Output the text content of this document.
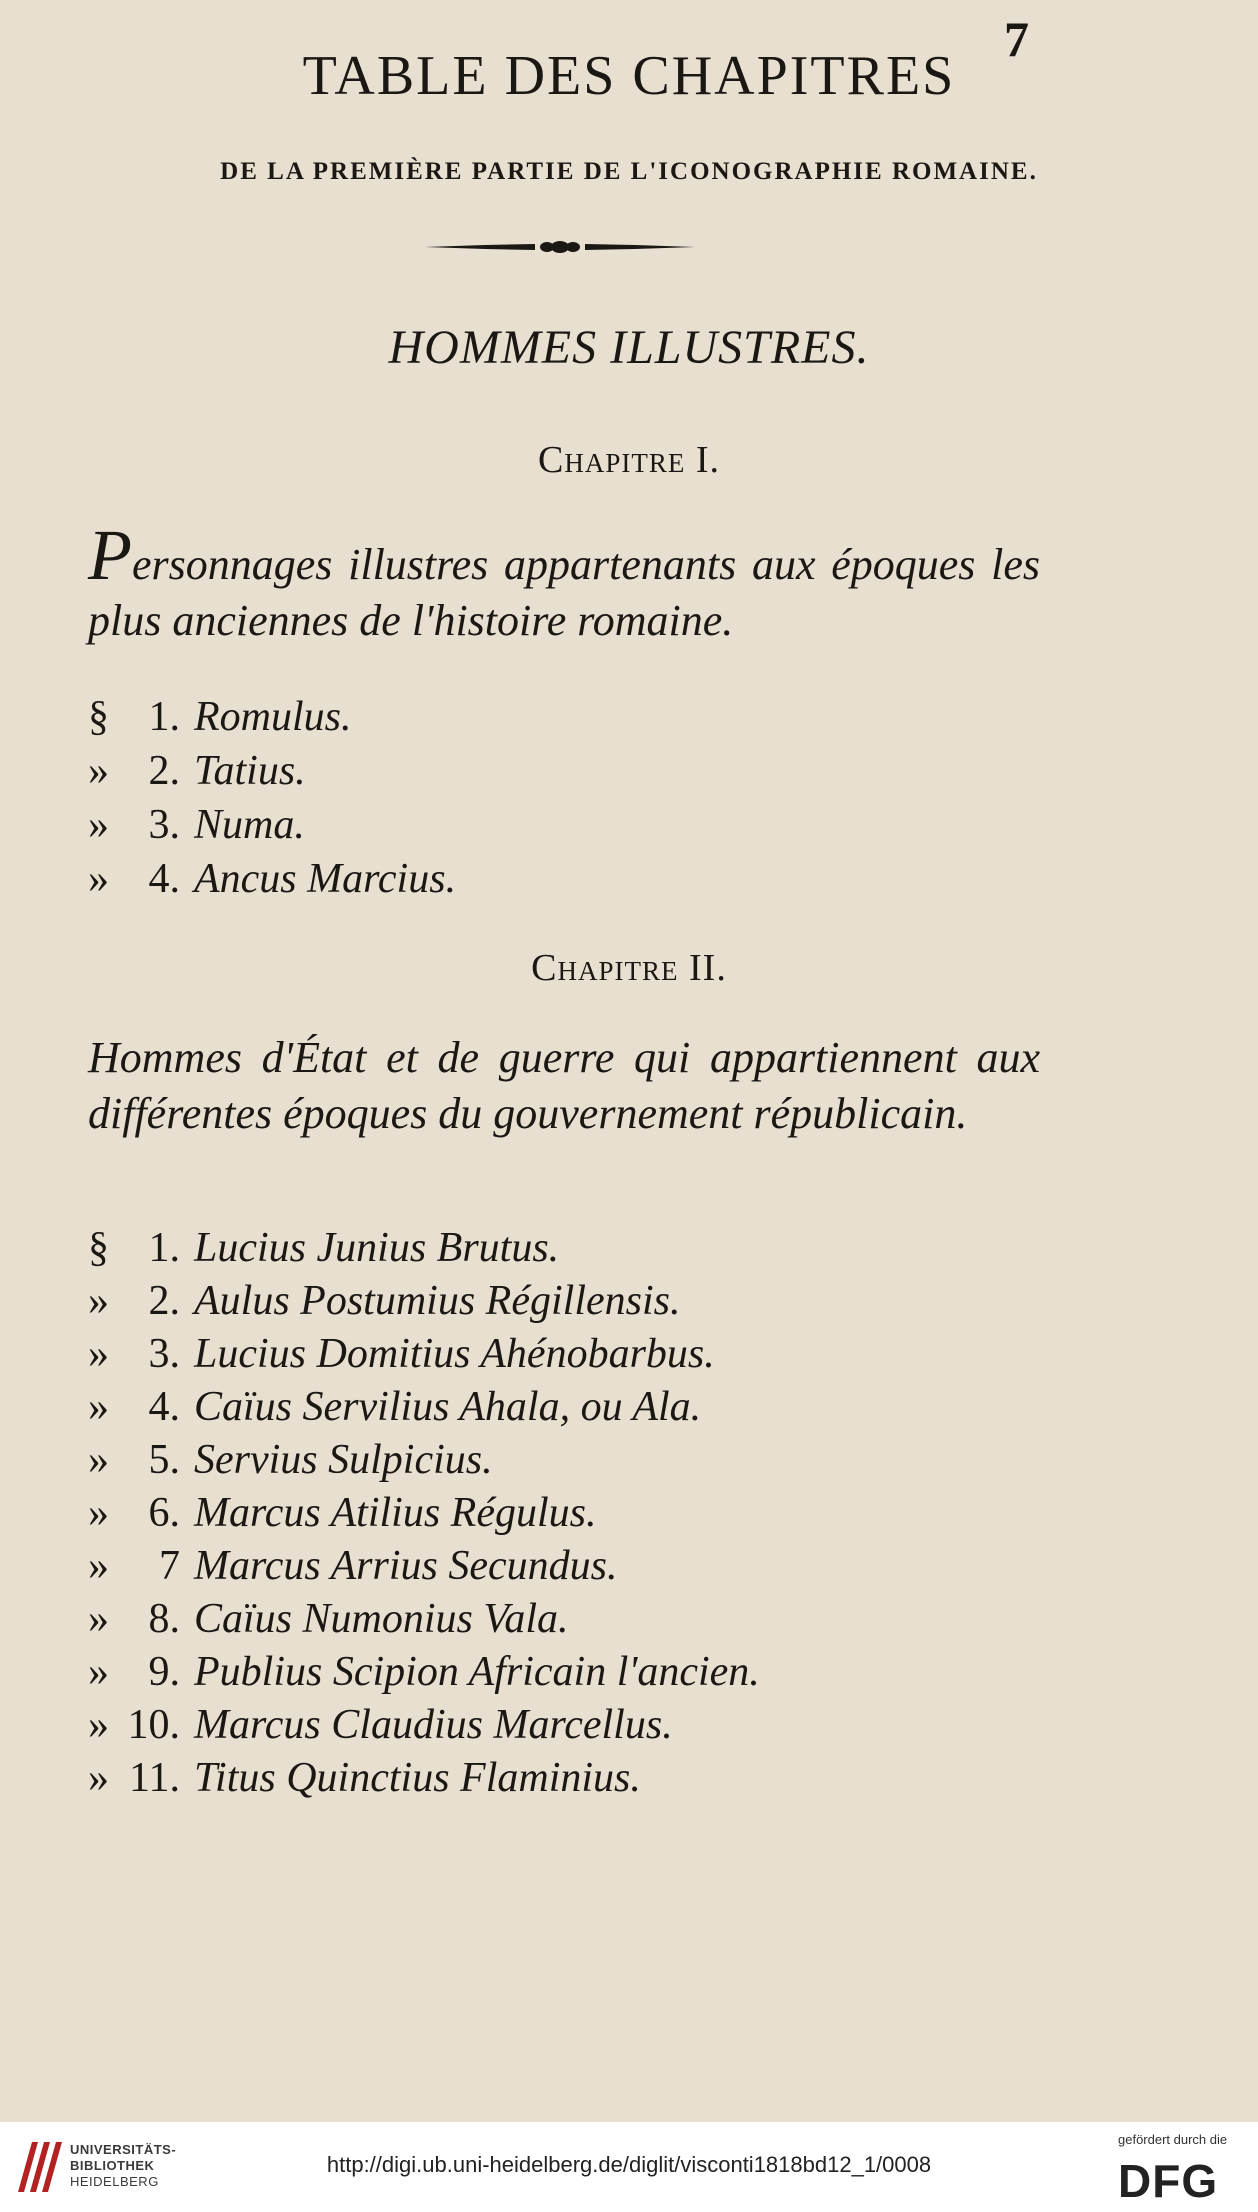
7
TABLE DES CHAPITRES
DE LA PREMIÈRE PARTIE DE L'ICONOGRAPHIE ROMAINE.
HOMMES ILLUSTRES.
Chapitre I.
Personnages illustres appartenants aux époques les plus anciennes de l'histoire romaine.
§ 1. Romulus.
» 2. Tatius.
» 3. Numa.
» 4. Ancus Marcius.
Chapitre II.
Hommes d'État et de guerre qui appartiennent aux différentes époques du gouvernement républicain.
§ 1. Lucius Junius Brutus.
» 2. Aulus Postumius Régillensis.
» 3. Lucius Domitius Ahénobarbus.
» 4. Caïus Servilius Ahala, ou Ala.
» 5. Servius Sulpicius.
» 6. Marcus Atilius Régulus.
» 7 Marcus Arrius Secundus.
» 8. Caïus Numonius Vala.
» 9. Publius Scipion Africain l'ancien.
» 10. Marcus Claudius Marcellus.
» 11. Titus Quinctius Flaminius.
UNIVERSITÄTS-
BIBLIOTHEK
HEIDELBERG
http://digi.ub.uni-heidelberg.de/diglit/visconti1818bd12_1/0008
gefördert durch die
DFG
